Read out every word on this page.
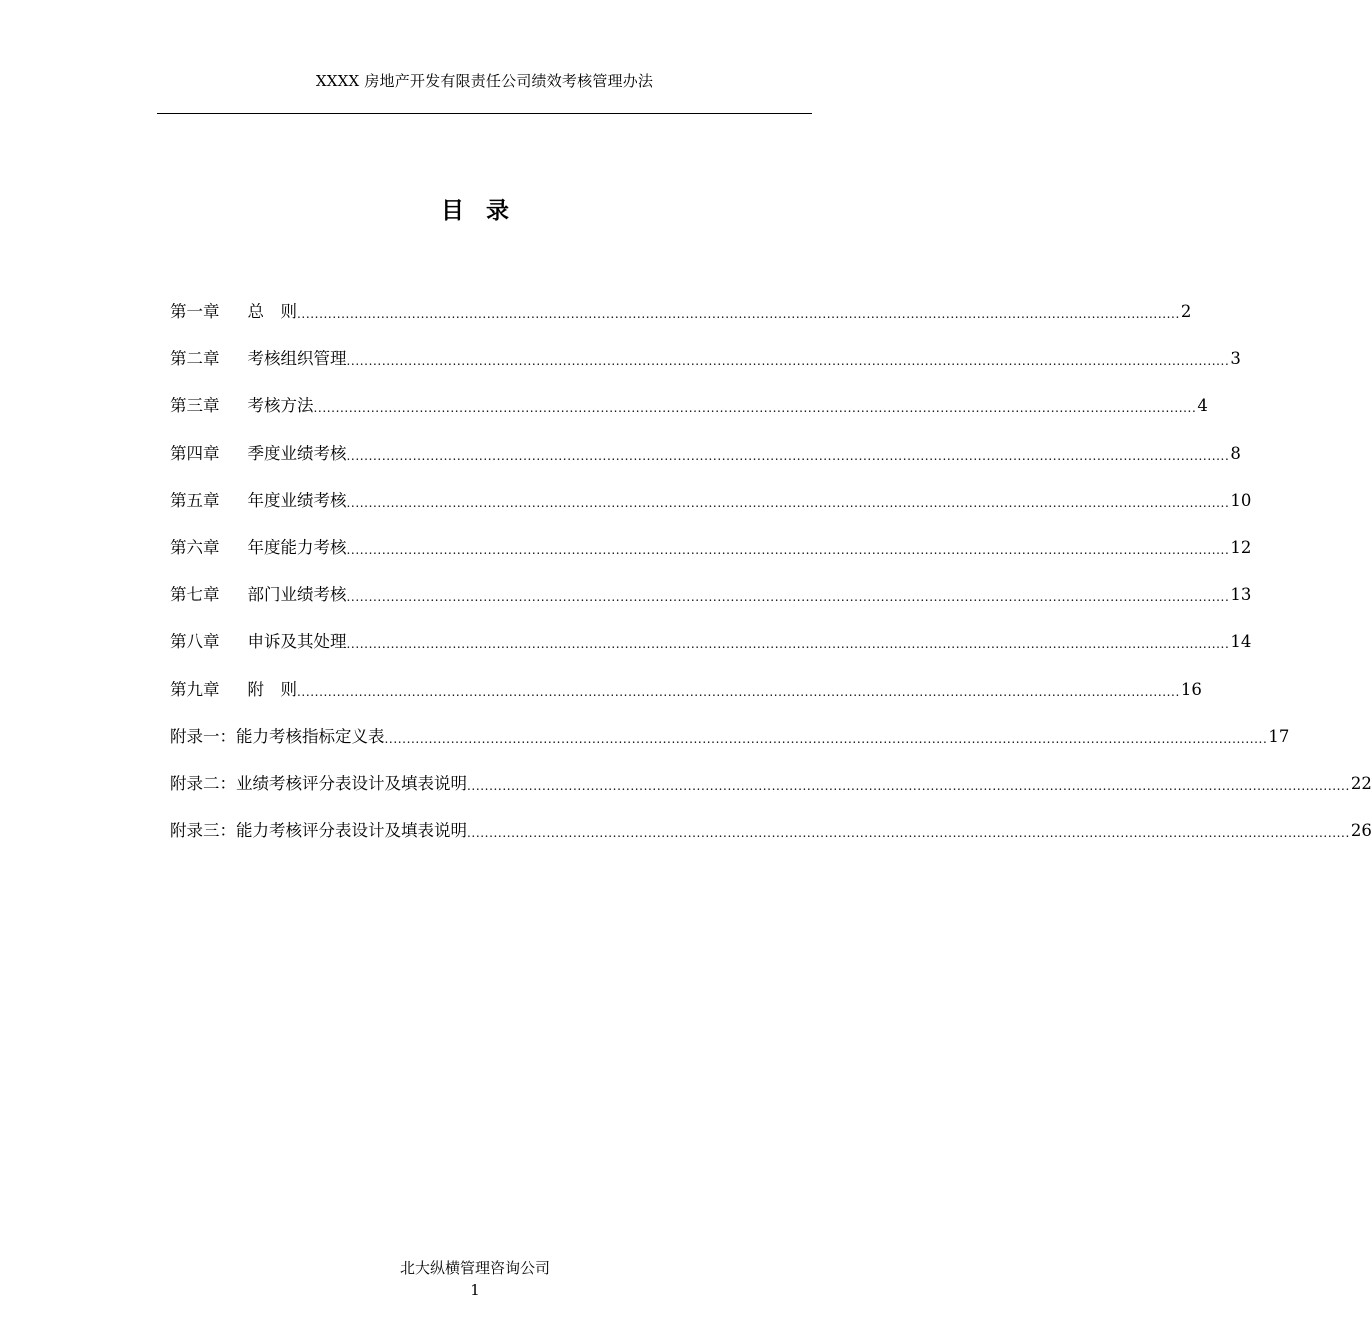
XXXX 房地产开发有限责任公司绩效考核管理办法
目录
第一章 总　则 ........................................................................................................................................................................................................ 2
第二章 考核组织管理 ........................................................................................................................................................................................................ 3
第三章 考核方法 ........................................................................................................................................................................................................ 4
第四章 季度业绩考核 ........................................................................................................................................................................................................ 8
第五章 年度业绩考核 ........................................................................................................................................................................................................ 10
第六章 年度能力考核 ........................................................................................................................................................................................................ 12
第七章 部门业绩考核 ........................................................................................................................................................................................................ 13
第八章 申诉及其处理 ........................................................................................................................................................................................................ 14
第九章 附　则 ........................................................................................................................................................................................................ 16
附录一：能力考核指标定义表 ........................................................................................................................................................................................................ 17
附录二：业绩考核评分表设计及填表说明 ........................................................................................................................................................................................................ 22
附录三：能力考核评分表设计及填表说明 ........................................................................................................................................................................................................ 26
北大纵横管理咨询公司
1
